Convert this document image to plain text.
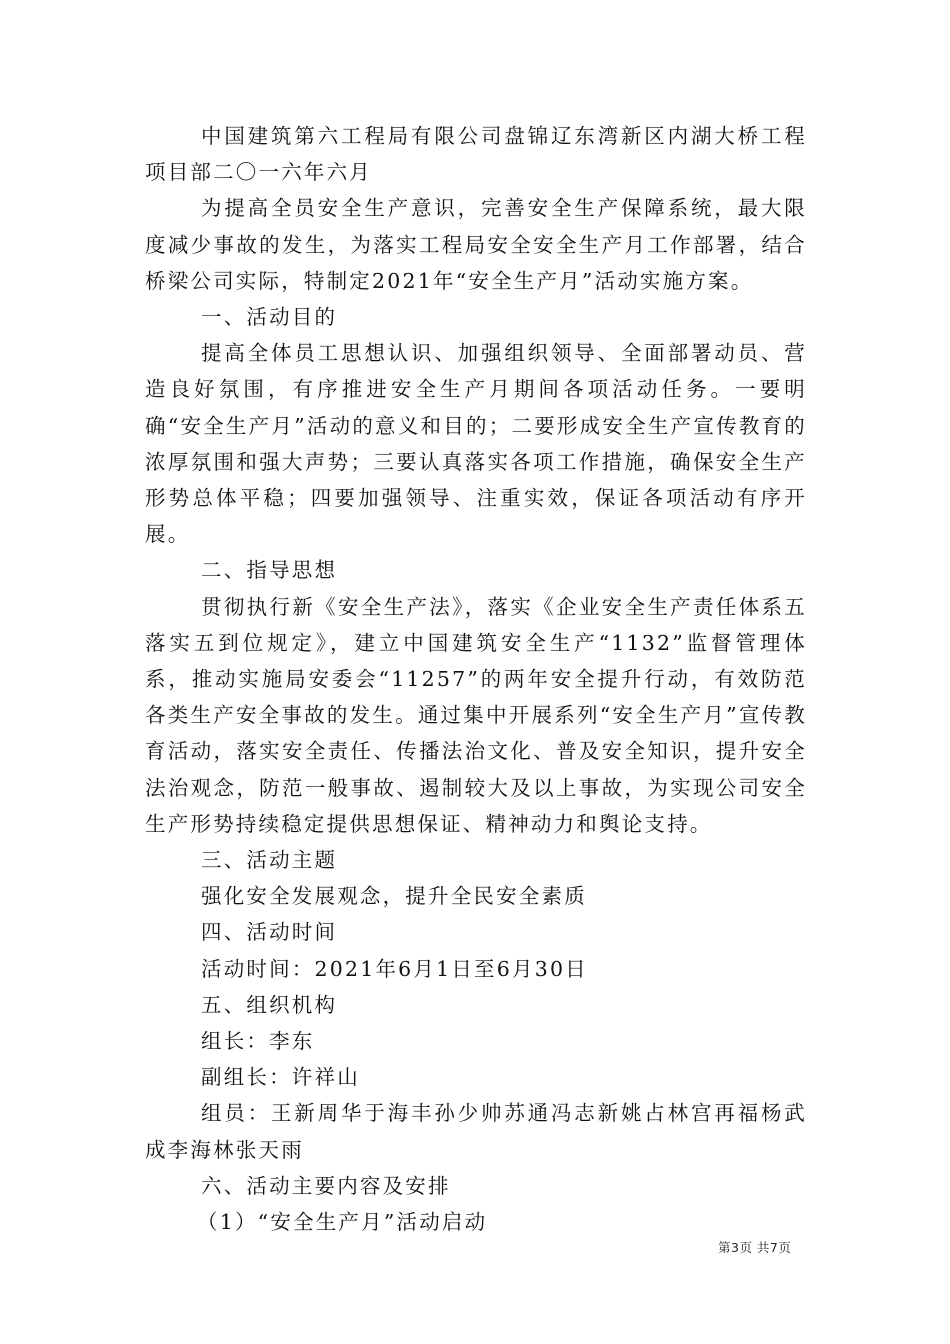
中国建筑第六工程局有限公司盘锦辽东湾新区内湖大桥工程项目部二〇一六年六月

为提高全员安全生产意识，完善安全生产保障系统，最大限度减少事故的发生，为落实工程局安全安全生产月工作部署，结合桥梁公司实际，特制定2021年“安全生产月”活动实施方案。

一、活动目的

提高全体员工思想认识、加强组织领导、全面部署动员、营造良好氛围，有序推进安全生产月期间各项活动任务。一要明确“安全生产月”活动的意义和目的；二要形成安全生产宣传教育的浓厚氛围和强大声势；三要认真落实各项工作措施，确保安全生产形势总体平稳；四要加强领导、注重实效，保证各项活动有序开展。

二、指导思想

贯彻执行新《安全生产法》，落实《企业安全生产责任体系五落实五到位规定》，建立中国建筑安全生产“1132”监督管理体系，推动实施局安委会“11257”的两年安全提升行动，有效防范各类生产安全事故的发生。通过集中开展系列“安全生产月”宣传教育活动，落实安全责任、传播法治文化、普及安全知识，提升安全法治观念，防范一般事故、遏制较大及以上事故，为实现公司安全生产形势持续稳定提供思想保证、精神动力和舆论支持。

三、活动主题

强化安全发展观念，提升全民安全素质

四、活动时间

活动时间：2021年6月1日至6月30日

五、组织机构

组长：李东

副组长：许祥山

组员：王新周华于海丰孙少帅苏通冯志新姚占林宫再福杨武成李海林张天雨

六、活动主要内容及安排

（1）“安全生产月”活动启动

第3页 共7页
